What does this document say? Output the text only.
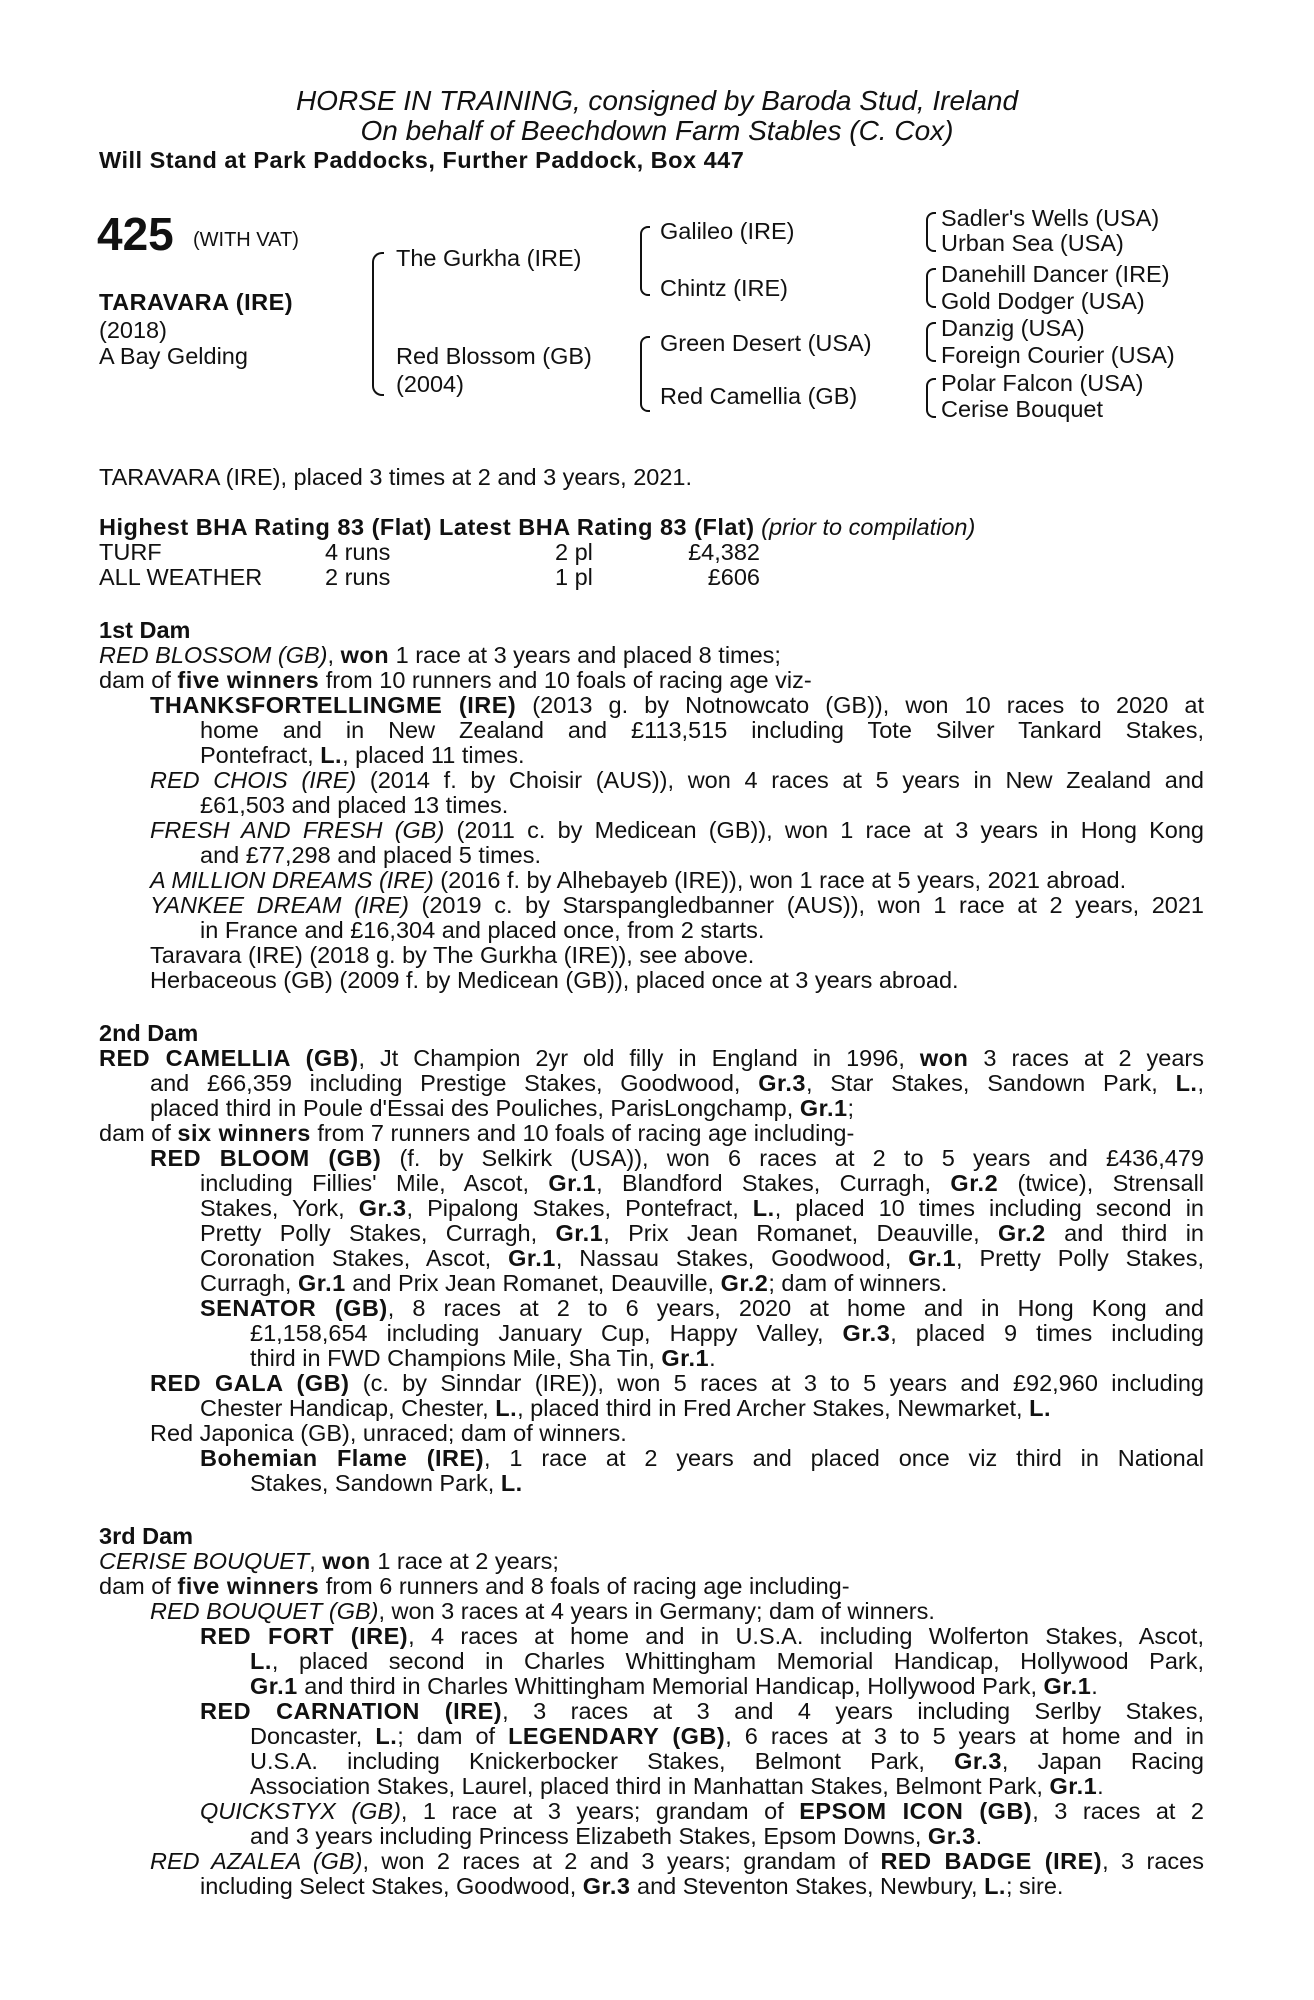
HORSE IN TRAINING, consigned by Baroda Stud, Ireland
On behalf of Beechdown Farm Stables (C. Cox)
Will Stand at Park Paddocks, Further Paddock, Box 447
425 (WITH VAT)
TARAVARA (IRE)
(2018)
A Bay Gelding
The Gurkha (IRE)
Red Blossom (GB)
(2004)
Galileo (IRE)
Chintz (IRE)
Green Desert (USA)
Red Camellia (GB)
Sadler's Wells (USA)
Urban Sea (USA)
Danehill Dancer (IRE)
Gold Dodger (USA)
Danzig (USA)
Foreign Courier (USA)
Polar Falcon (USA)
Cerise Bouquet
TARAVARA (IRE), placed 3 times at 2 and 3 years, 2021.
Highest BHA Rating 83 (Flat) Latest BHA Rating 83 (Flat) (prior to compilation)
TURF	4 runs	2 pl	£4,382
ALL WEATHER	2 runs	1 pl	£606
1st Dam
RED BLOSSOM (GB), won 1 race at 3 years and placed 8 times;
dam of five winners from 10 runners and 10 foals of racing age viz-
THANKSFORTELLINGME (IRE) (2013 g. by Notnowcato (GB)), won 10 races to 2020 at
home and in New Zealand and £113,515 including Tote Silver Tankard Stakes,
Pontefract, L., placed 11 times.
RED CHOIS (IRE) (2014 f. by Choisir (AUS)), won 4 races at 5 years in New Zealand and
£61,503 and placed 13 times.
FRESH AND FRESH (GB) (2011 c. by Medicean (GB)), won 1 race at 3 years in Hong Kong
and £77,298 and placed 5 times.
A MILLION DREAMS (IRE) (2016 f. by Alhebayeb (IRE)), won 1 race at 5 years, 2021 abroad.
YANKEE DREAM (IRE) (2019 c. by Starspangledbanner (AUS)), won 1 race at 2 years, 2021
in France and £16,304 and placed once, from 2 starts.
Taravara (IRE) (2018 g. by The Gurkha (IRE)), see above.
Herbaceous (GB) (2009 f. by Medicean (GB)), placed once at 3 years abroad.
2nd Dam
RED CAMELLIA (GB), Jt Champion 2yr old filly in England in 1996, won 3 races at 2 years
and £66,359 including Prestige Stakes, Goodwood, Gr.3, Star Stakes, Sandown Park, L.,
placed third in Poule d'Essai des Pouliches, ParisLongchamp, Gr.1;
dam of six winners from 7 runners and 10 foals of racing age including-
RED BLOOM (GB) (f. by Selkirk (USA)), won 6 races at 2 to 5 years and £436,479
including Fillies' Mile, Ascot, Gr.1, Blandford Stakes, Curragh, Gr.2 (twice), Strensall
Stakes, York, Gr.3, Pipalong Stakes, Pontefract, L., placed 10 times including second in
Pretty Polly Stakes, Curragh, Gr.1, Prix Jean Romanet, Deauville, Gr.2 and third in
Coronation Stakes, Ascot, Gr.1, Nassau Stakes, Goodwood, Gr.1, Pretty Polly Stakes,
Curragh, Gr.1 and Prix Jean Romanet, Deauville, Gr.2; dam of winners.
SENATOR (GB), 8 races at 2 to 6 years, 2020 at home and in Hong Kong and
£1,158,654 including January Cup, Happy Valley, Gr.3, placed 9 times including
third in FWD Champions Mile, Sha Tin, Gr.1.
RED GALA (GB) (c. by Sinndar (IRE)), won 5 races at 3 to 5 years and £92,960 including
Chester Handicap, Chester, L., placed third in Fred Archer Stakes, Newmarket, L.
Red Japonica (GB), unraced; dam of winners.
Bohemian Flame (IRE), 1 race at 2 years and placed once viz third in National
Stakes, Sandown Park, L.
3rd Dam
CERISE BOUQUET, won 1 race at 2 years;
dam of five winners from 6 runners and 8 foals of racing age including-
RED BOUQUET (GB), won 3 races at 4 years in Germany; dam of winners.
RED FORT (IRE), 4 races at home and in U.S.A. including Wolferton Stakes, Ascot,
L., placed second in Charles Whittingham Memorial Handicap, Hollywood Park,
Gr.1 and third in Charles Whittingham Memorial Handicap, Hollywood Park, Gr.1.
RED CARNATION (IRE), 3 races at 3 and 4 years including Serlby Stakes,
Doncaster, L.; dam of LEGENDARY (GB), 6 races at 3 to 5 years at home and in
U.S.A. including Knickerbocker Stakes, Belmont Park, Gr.3, Japan Racing
Association Stakes, Laurel, placed third in Manhattan Stakes, Belmont Park, Gr.1.
QUICKSTYX (GB), 1 race at 3 years; grandam of EPSOM ICON (GB), 3 races at 2
and 3 years including Princess Elizabeth Stakes, Epsom Downs, Gr.3.
RED AZALEA (GB), won 2 races at 2 and 3 years; grandam of RED BADGE (IRE), 3 races
including Select Stakes, Goodwood, Gr.3 and Steventon Stakes, Newbury, L.; sire.
